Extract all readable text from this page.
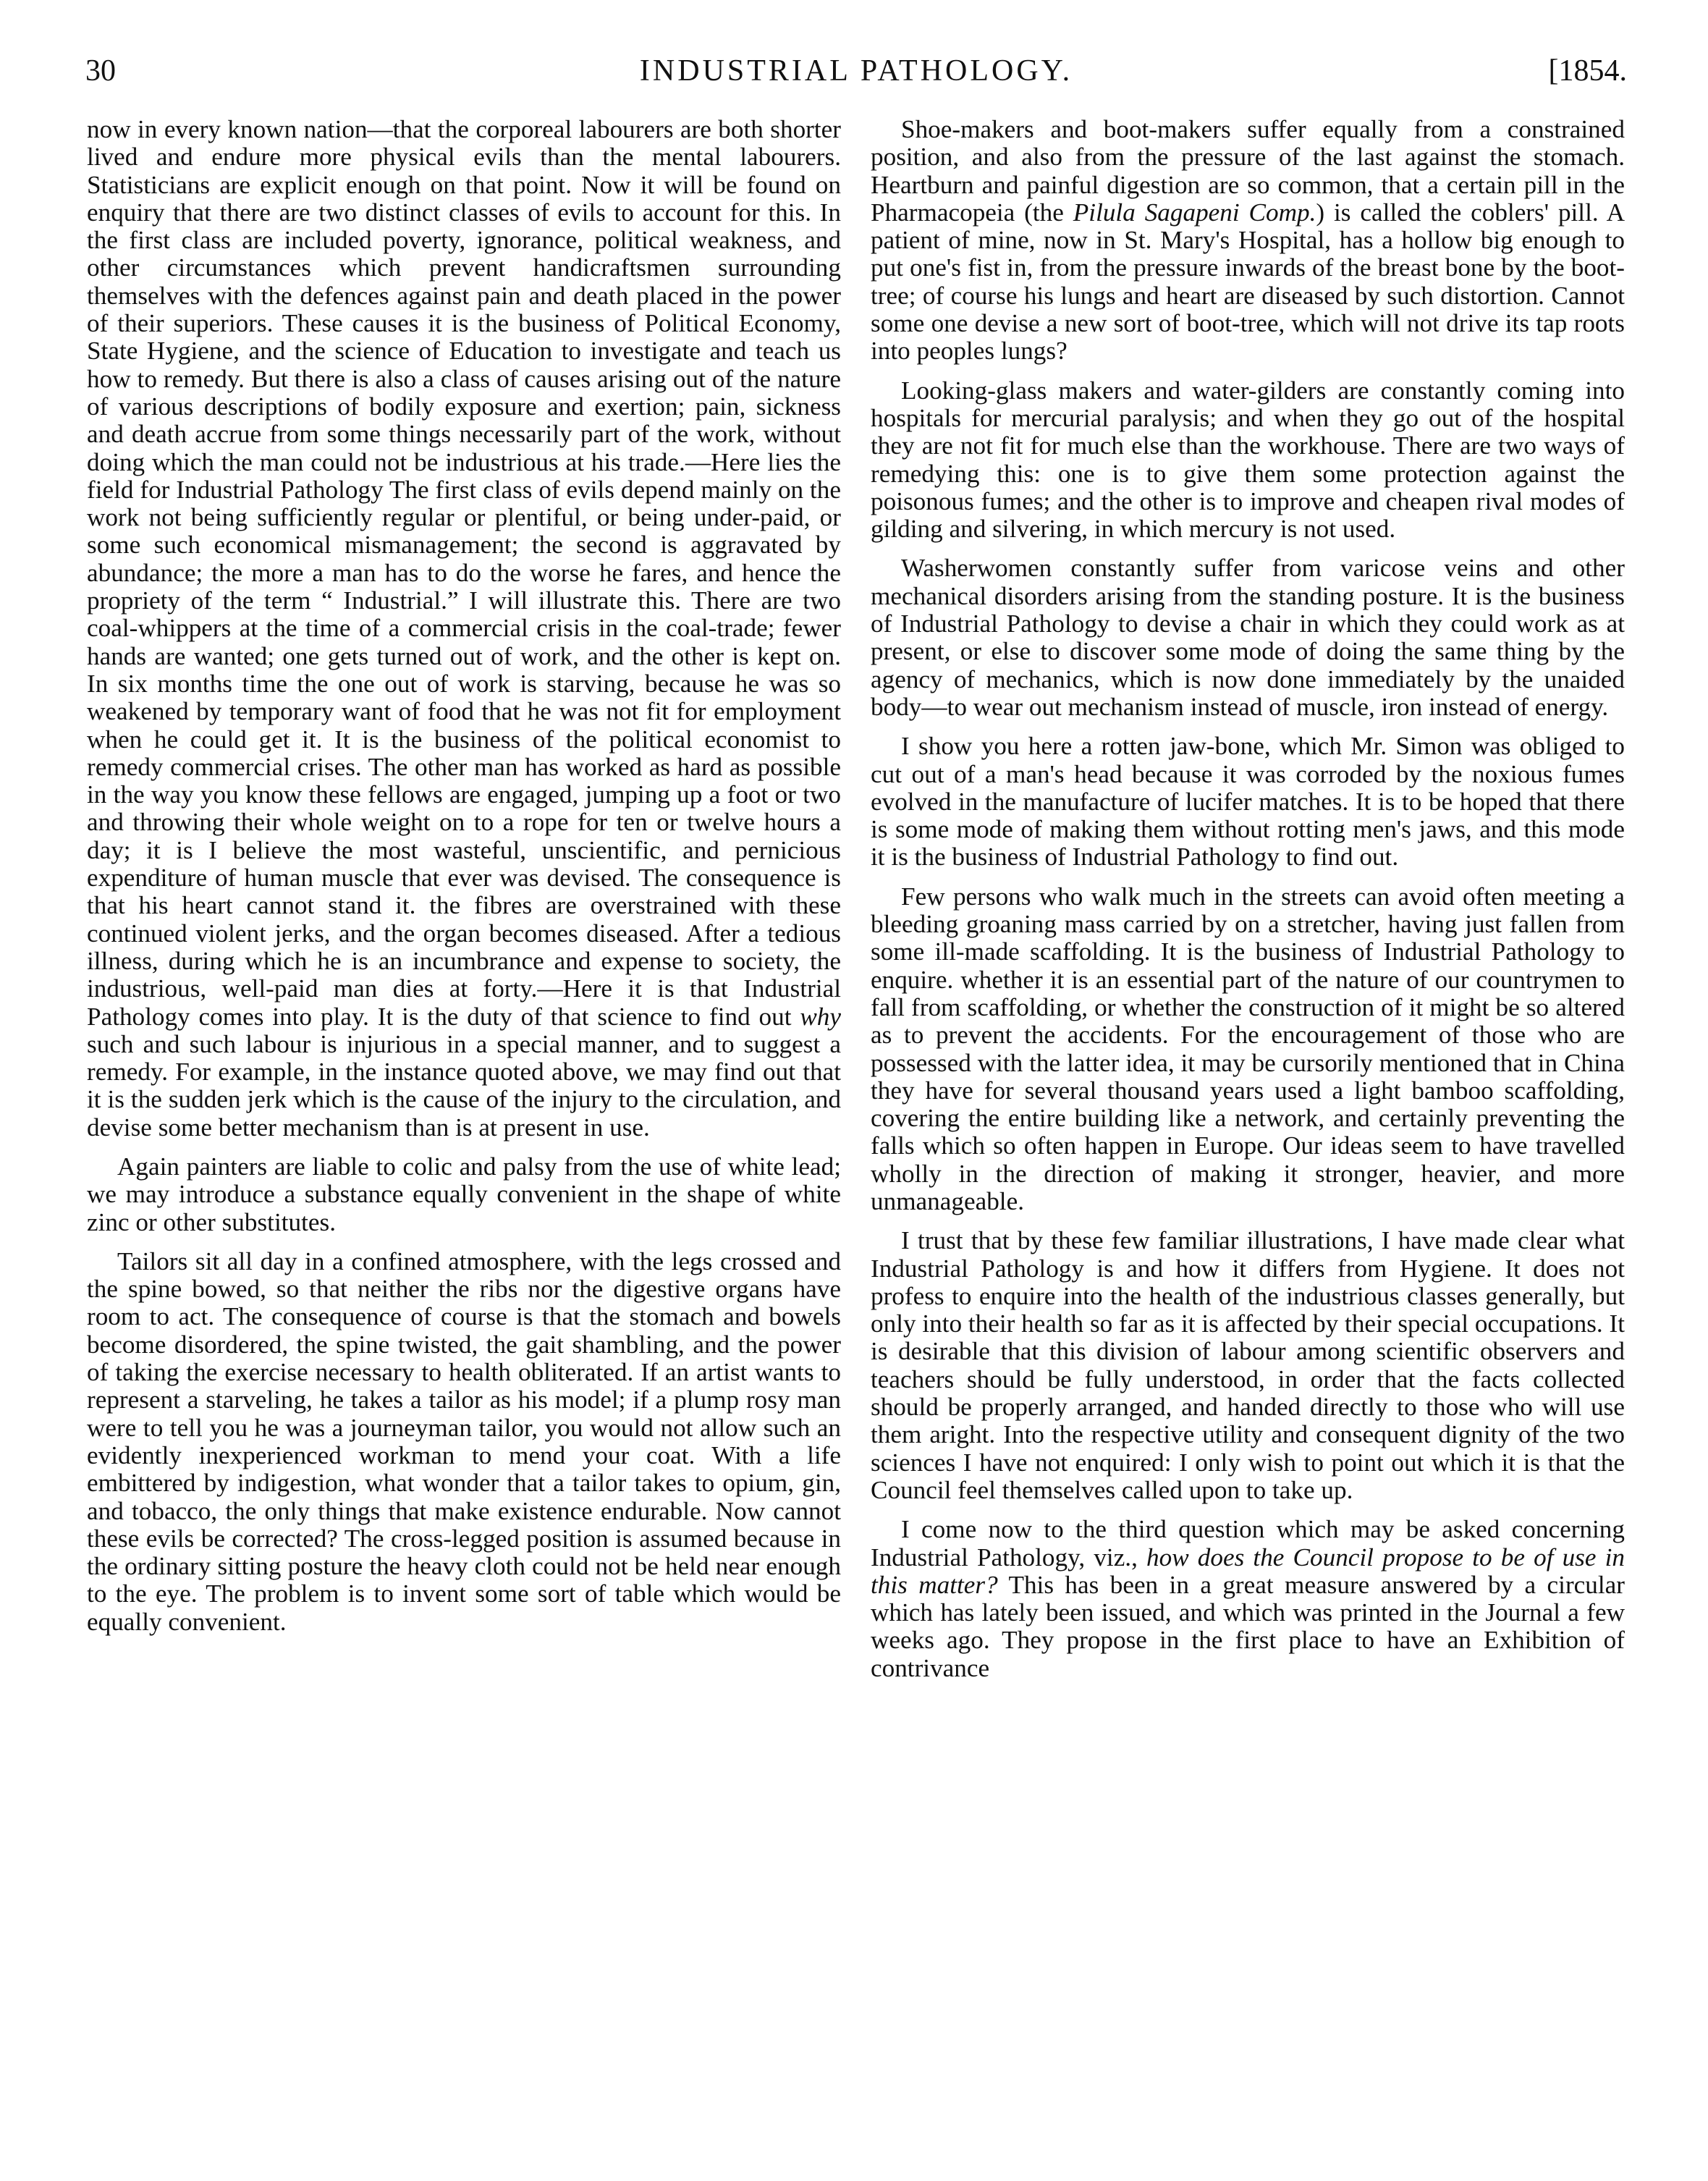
30	INDUSTRIAL PATHOLOGY.	[1854.

now in every known nation—that the corporeal labourers are both shorter lived and endure more physical evils than the mental labourers. Statisticians are explicit enough on that point. Now it will be found on enquiry that there are two distinct classes of evils to account for this. In the first class are included poverty, ignorance, political weakness, and other circumstances which prevent handicraftsmen surrounding themselves with the defences against pain and death placed in the power of their superiors. These causes it is the business of Political Economy, State Hygiene, and the science of Education to investigate and teach us how to remedy. But there is also a class of causes arising out of the nature of various descriptions of bodily exposure and exertion; pain, sickness and death accrue from some things necessarily part of the work, without doing which the man could not be industrious at his trade.—Here lies the field for Industrial Pathology The first class of evils depend mainly on the work not being sufficiently regular or plentiful, or being under-paid, or some such economical mismanagement; the second is aggravated by abundance; the more a man has to do the worse he fares, and hence the propriety of the term “ Industrial.” I will illustrate this. There are two coal-whippers at the time of a commercial crisis in the coal-trade; fewer hands are wanted; one gets turned out of work, and the other is kept on. In six months time the one out of work is starving, because he was so weakened by temporary want of food that he was not fit for employment when he could get it. It is the business of the political economist to remedy commercial crises. The other man has worked as hard as possible in the way you know these fellows are engaged, jumping up a foot or two and throwing their whole weight on to a rope for ten or twelve hours a day; it is I believe the most wasteful, unscientific, and pernicious expenditure of human muscle that ever was devised. The consequence is that his heart cannot stand it. the fibres are overstrained with these continued violent jerks, and the organ becomes diseased. After a tedious illness, during which he is an incumbrance and expense to society, the industrious, well-paid man dies at forty.—Here it is that Industrial Pathology comes into play. It is the duty of that science to find out why such and such labour is injurious in a special manner, and to suggest a remedy. For example, in the instance quoted above, we may find out that it is the sudden jerk which is the cause of the injury to the circulation, and devise some better mechanism than is at present in use.

Again painters are liable to colic and palsy from the use of white lead; we may introduce a substance equally convenient in the shape of white zinc or other substitutes.

Tailors sit all day in a confined atmosphere, with the legs crossed and the spine bowed, so that neither the ribs nor the digestive organs have room to act. The consequence of course is that the stomach and bowels become disordered, the spine twisted, the gait shambling, and the power of taking the exercise necessary to health obliterated. If an artist wants to represent a starveling, he takes a tailor as his model; if a plump rosy man were to tell you he was a journeyman tailor, you would not allow such an evidently inexperienced workman to mend your coat. With a life embittered by indigestion, what wonder that a tailor takes to opium, gin, and tobacco, the only things that make existence endurable. Now cannot these evils be corrected? The cross-legged position is assumed because in the ordinary sitting posture the heavy cloth could not be held near enough to the eye. The problem is to invent some sort of table which would be equally convenient.

Shoe-makers and boot-makers suffer equally from a constrained position, and also from the pressure of the last against the stomach. Heartburn and painful digestion are so common, that a certain pill in the Pharmacopeia (the Pilula Sagapeni Comp.) is called the coblers' pill. A patient of mine, now in St. Mary's Hospital, has a hollow big enough to put one's fist in, from the pressure inwards of the breast bone by the boot-tree; of course his lungs and heart are diseased by such distortion. Cannot some one devise a new sort of boot-tree, which will not drive its tap roots into peoples lungs?

Looking-glass makers and water-gilders are constantly coming into hospitals for mercurial paralysis; and when they go out of the hospital they are not fit for much else than the workhouse. There are two ways of remedying this: one is to give them some protection against the poisonous fumes; and the other is to improve and cheapen rival modes of gilding and silvering, in which mercury is not used.

Washerwomen constantly suffer from varicose veins and other mechanical disorders arising from the standing posture. It is the business of Industrial Pathology to devise a chair in which they could work as at present, or else to discover some mode of doing the same thing by the agency of mechanics, which is now done immediately by the unaided body—to wear out mechanism instead of muscle, iron instead of energy.

I show you here a rotten jaw-bone, which Mr. Simon was obliged to cut out of a man's head because it was corroded by the noxious fumes evolved in the manufacture of lucifer matches. It is to be hoped that there is some mode of making them without rotting men's jaws, and this mode it is the business of Industrial Pathology to find out.

Few persons who walk much in the streets can avoid often meeting a bleeding groaning mass carried by on a stretcher, having just fallen from some ill-made scaffolding. It is the business of Industrial Pathology to enquire. whether it is an essential part of the nature of our countrymen to fall from scaffolding, or whether the construction of it might be so altered as to prevent the accidents. For the encouragement of those who are possessed with the latter idea, it may be cursorily mentioned that in China they have for several thousand years used a light bamboo scaffolding, covering the entire building like a network, and certainly preventing the falls which so often happen in Europe. Our ideas seem to have travelled wholly in the direction of making it stronger, heavier, and more unmanageable.

I trust that by these few familiar illustrations, I have made clear what Industrial Pathology is and how it differs from Hygiene. It does not profess to enquire into the health of the industrious classes generally, but only into their health so far as it is affected by their special occupations. It is desirable that this division of labour among scientific observers and teachers should be fully understood, in order that the facts collected should be properly arranged, and handed directly to those who will use them aright. Into the respective utility and consequent dignity of the two sciences I have not enquired: I only wish to point out which it is that the Council feel themselves called upon to take up.

I come now to the third question which may be asked concerning Industrial Pathology, viz., how does the Council propose to be of use in this matter? This has been in a great measure answered by a circular which has lately been issued, and which was printed in the Journal a few weeks ago. They propose in the first place to have an Exhibition of contrivance
